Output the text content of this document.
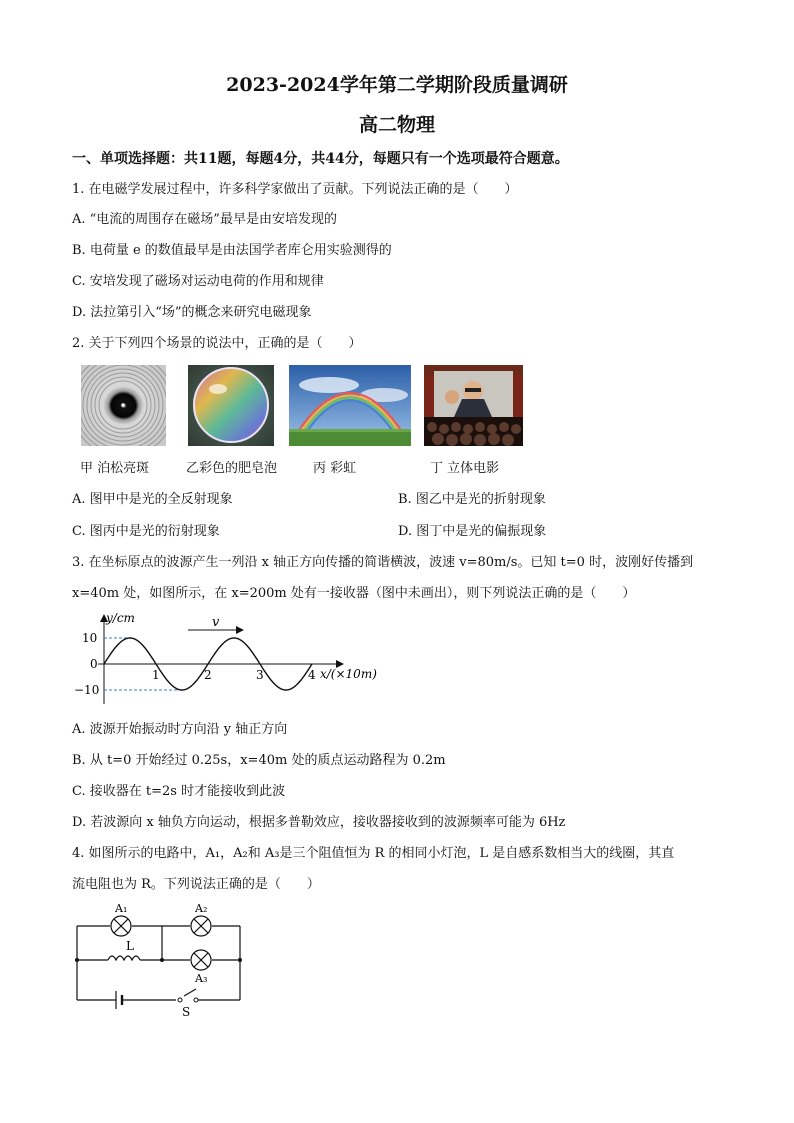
2023-2024学年第二学期阶段质量调研
高二物理
一、单项选择题：共11题，每题4分，共44分，每题只有一个选项最符合题意。
1. 在电磁学发展过程中，许多科学家做出了贡献。下列说法正确的是（　　）
A. “电流的周围存在磁场”最早是由安培发现的
B. 电荷量 e 的数值最早是由法国学者库仑用实验测得的
C. 安培发现了磁场对运动电荷的作用和规律
D. 法拉第引入“场”的概念来研究电磁现象
2. 关于下列四个场景的说法中，正确的是（　　）
甲 泊松亮斑	乙彩色的肥皂泡	丙 彩虹	丁 立体电影
A. 图甲中是光的全反射现象	B. 图乙中是光的折射现象
C. 图丙中是光的衍射现象	D. 图丁中是光的偏振现象
3. 在坐标原点的波源产生一列沿 x 轴正方向传播的简谐横波，波速 v=80m/s。已知 t=0 时，波刚好传播到
x=40m 处，如图所示，在 x=200m 处有一接收器（图中未画出），则下列说法正确的是（　　）
y/cm
x/(×10m)
v
1	2	3	4
10
0
−10
A. 波源开始振动时方向沿 y 轴正方向
B. 从 t=0 开始经过 0.25s，x=40m 处的质点运动路程为 0.2m
C. 接收器在 t=2s 时才能接收到此波
D. 若波源向 x 轴负方向运动，根据多普勒效应，接收器接收到的波源频率可能为 6Hz
4. 如图所示的电路中，A₁，A₂和 A₃是三个阻值恒为 R 的相同小灯泡，L 是自感系数相当大的线圈，其直
流电阻也为 R。下列说法正确的是（　　）
A₁	A₂
A₃
L
S
